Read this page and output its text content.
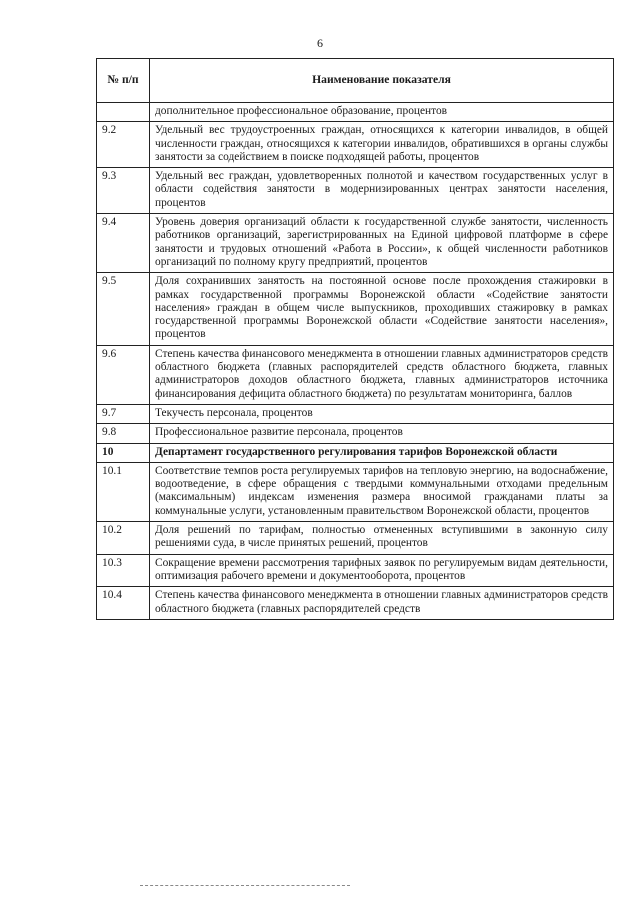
6
№ п/п	Наименование показателя
	дополнительное профессиональное образование, процентов
9.2	Удельный вес трудоустроенных граждан, относящихся к категории инвалидов, в общей численности граждан, относящихся к категории инвалидов, обратившихся в органы службы занятости за содействием в поиске подходящей работы, процентов
9.3	Удельный вес граждан, удовлетворенных полнотой и качеством государственных услуг в области содействия занятости в модернизированных центрах занятости населения, процентов
9.4	Уровень доверия организаций области к государственной службе занятости, численность работников организаций, зарегистрированных на Единой цифровой платформе в сфере занятости и трудовых отношений «Работа в России», к общей численности работников организаций по полному кругу предприятий, процентов
9.5	Доля сохранивших занятость на постоянной основе после прохождения стажировки в рамках государственной программы Воронежской области «Содействие занятости населения» граждан в общем числе выпускников, проходивших стажировку в рамках государственной программы Воронежской области «Содействие занятости населения», процентов
9.6	Степень качества финансового менеджмента в отношении главных администраторов средств областного бюджета (главных распорядителей средств областного бюджета, главных администраторов доходов областного бюджета, главных администраторов источника финансирования дефицита областного бюджета) по результатам мониторинга, баллов
9.7	Текучесть персонала, процентов
9.8	Профессиональное развитие персонала, процентов
10	Департамент государственного регулирования тарифов Воронежской области
10.1	Соответствие темпов роста регулируемых тарифов на тепловую энергию, на водоснабжение, водоотведение, в сфере обращения с твердыми коммунальными отходами предельным (максимальным) индексам изменения размера вносимой гражданами платы за коммунальные услуги, установленным правительством Воронежской области, процентов
10.2	Доля решений по тарифам, полностью отмененных вступившими в законную силу решениями суда, в числе принятых решений, процентов
10.3	Сокращение времени рассмотрения тарифных заявок по регулируемым видам деятельности, оптимизация рабочего времени и документооборота, процентов
10.4	Степень качества финансового менеджмента в отношении главных администраторов средств областного бюджета (главных распорядителей средств
